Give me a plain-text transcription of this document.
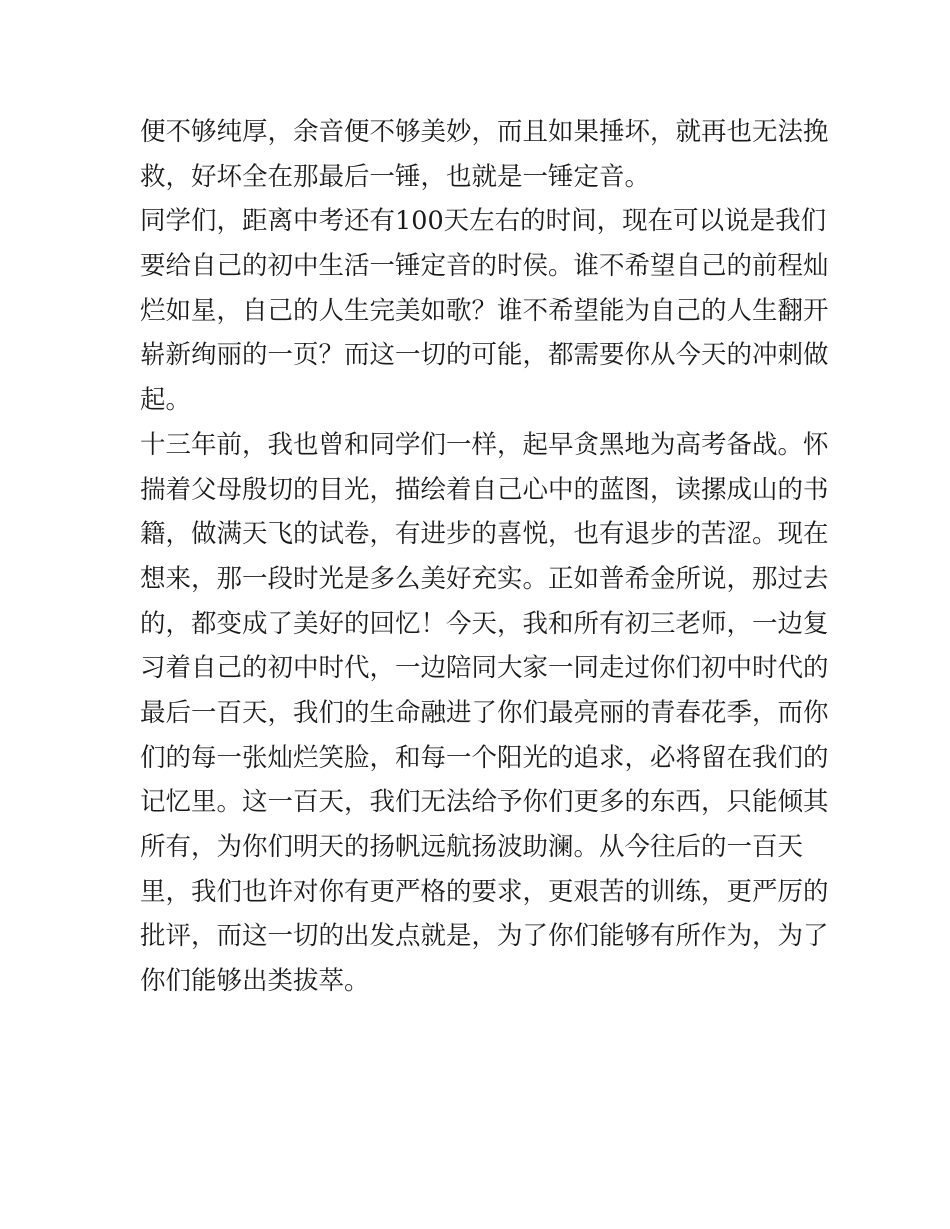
便不够纯厚，余音便不够美妙，而且如果捶坏，就再也无法挽
救，好坏全在那最后一锤，也就是一锤定音。
同学们，距离中考还有100天左右的时间，现在可以说是我们
要给自己的初中生活一锤定音的时侯。谁不希望自己的前程灿
烂如星，自己的人生完美如歌？谁不希望能为自己的人生翻开
崭新绚丽的一页？而这一切的可能，都需要你从今天的冲刺做
起。
十三年前，我也曾和同学们一样，起早贪黑地为高考备战。怀
揣着父母殷切的目光，描绘着自己心中的蓝图，读摞成山的书
籍，做满天飞的试卷，有进步的喜悦，也有退步的苦涩。现在
想来，那一段时光是多么美好充实。正如普希金所说，那过去
的，都变成了美好的回忆！今天，我和所有初三老师，一边复
习着自己的初中时代，一边陪同大家一同走过你们初中时代的
最后一百天，我们的生命融进了你们最亮丽的青春花季，而你
们的每一张灿烂笑脸，和每一个阳光的追求，必将留在我们的
记忆里。这一百天，我们无法给予你们更多的东西，只能倾其
所有，为你们明天的扬帆远航扬波助澜。从今往后的一百天
里，我们也许对你有更严格的要求，更艰苦的训练，更严厉的
批评，而这一切的出发点就是，为了你们能够有所作为，为了
你们能够出类拔萃。
